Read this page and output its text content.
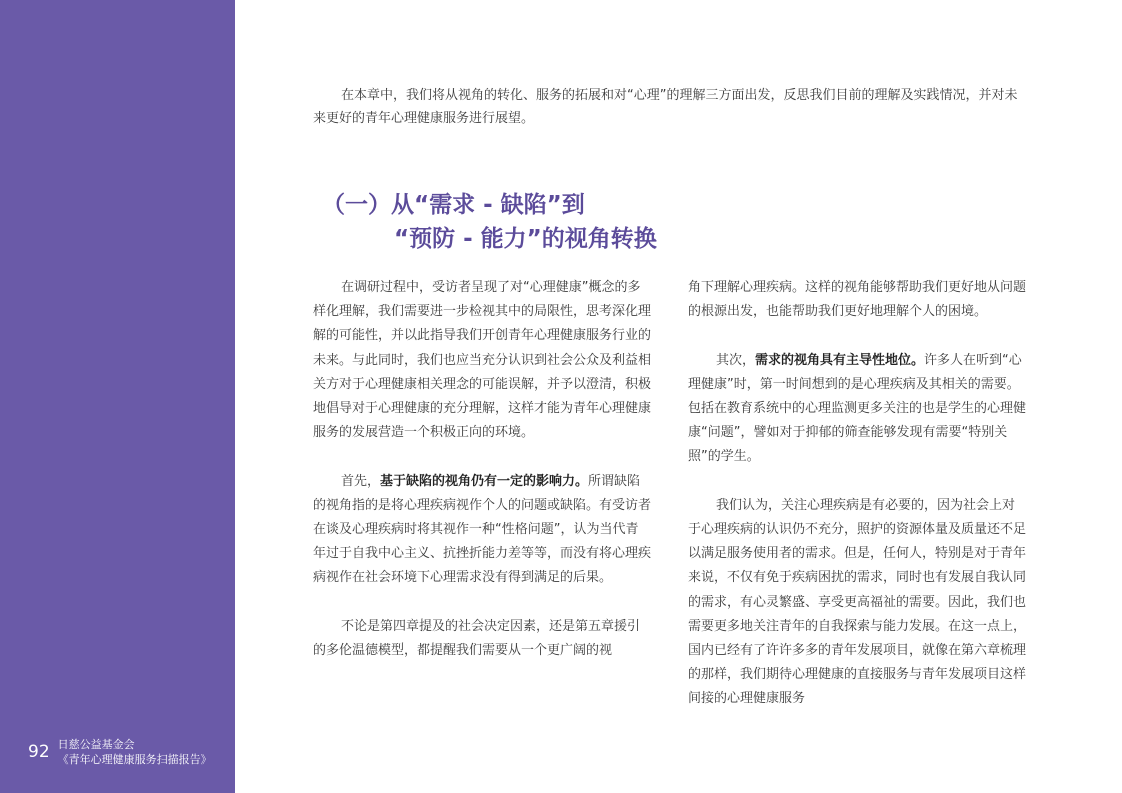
92 日慈公益基金会
《青年心理健康服务扫描报告》

在本章中，我们将从视角的转化、服务的拓展和对“心理”的理解三方面出发，反思我们目前的理解及实践情况，并对未来更好的青年心理健康服务进行展望。

（一）从“需求 - 缺陷”到
“预防 - 能力”的视角转换

在调研过程中，受访者呈现了对“心理健康”概念的多样化理解，我们需要进一步检视其中的局限性，思考深化理解的可能性，并以此指导我们开创青年心理健康服务行业的未来。与此同时，我们也应当充分认识到社会公众及利益相关方对于心理健康相关理念的可能误解，并予以澄清，积极地倡导对于心理健康的充分理解，这样才能为青年心理健康服务的发展营造一个积极正向的环境。

首先，基于缺陷的视角仍有一定的影响力。所谓缺陷的视角指的是将心理疾病视作个人的问题或缺陷。有受访者在谈及心理疾病时将其视作一种“性格问题”，认为当代青年过于自我中心主义、抗挫折能力差等等，而没有将心理疾病视作在社会环境下心理需求没有得到满足的后果。

不论是第四章提及的社会决定因素，还是第五章援引的多伦温德模型，都提醒我们需要从一个更广阔的视

角下理解心理疾病。这样的视角能够帮助我们更好地从问题的根源出发，也能帮助我们更好地理解个人的困境。

其次，需求的视角具有主导性地位。许多人在听到“心理健康”时，第一时间想到的是心理疾病及其相关的需要。包括在教育系统中的心理监测更多关注的也是学生的心理健康“问题”，譬如对于抑郁的筛查能够发现有需要“特别关照”的学生。

我们认为，关注心理疾病是有必要的，因为社会上对于心理疾病的认识仍不充分，照护的资源体量及质量还不足以满足服务使用者的需求。但是，任何人，特别是对于青年来说，不仅有免于疾病困扰的需求，同时也有发展自我认同的需求，有心灵繁盛、享受更高福祉的需要。因此，我们也需要更多地关注青年的自我探索与能力发展。在这一点上，国内已经有了许许多多的青年发展项目，就像在第六章梳理的那样，我们期待心理健康的直接服务与青年发展项目这样间接的心理健康服务
